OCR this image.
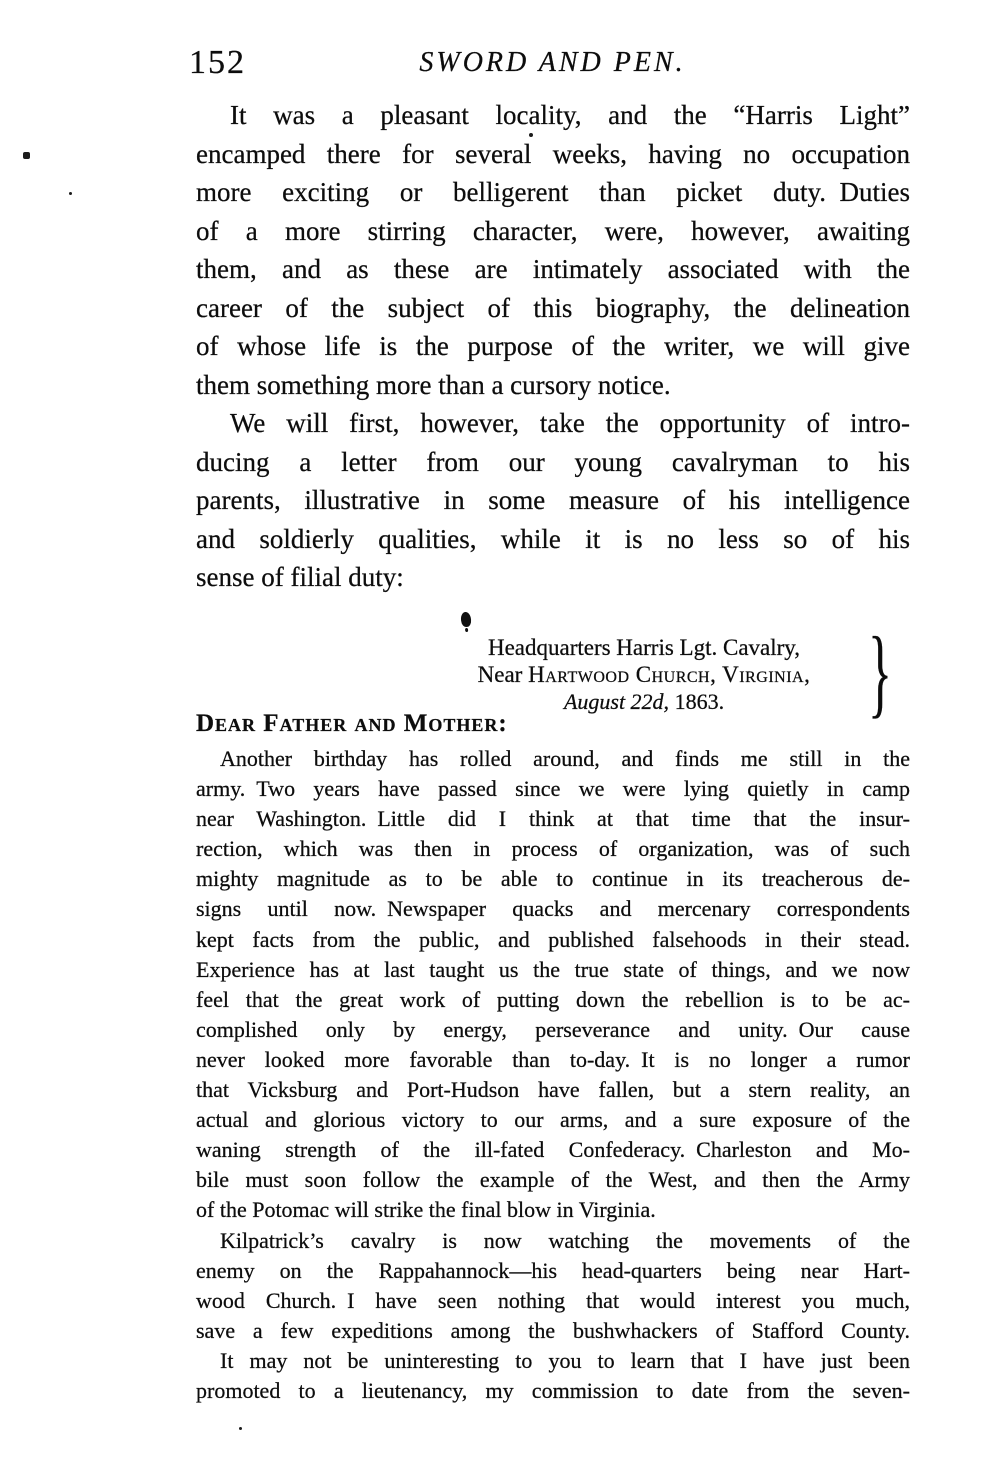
152	SWORD AND PEN.
It was a pleasant locality, and the “Harris Light”
encamped there for several weeks, having no occupation
more exciting or belligerent than picket duty. Duties
of a more stirring character, were, however, awaiting
them, and as these are intimately associated with the
career of the subject of this biography, the delineation
of whose life is the purpose of the writer, we will give
them something more than a cursory notice.
We will first, however, take the opportunity of intro-
ducing a letter from our young cavalryman to his
parents, illustrative in some measure of his intelligence
and soldierly qualities, while it is no less so of his
sense of filial duty:
Headquarters Harris Lgt. Cavalry,
Near Hartwood Church, Virginia,
August 22d, 1863.	}
Dear Father and Mother:
Another birthday has rolled around, and finds me still in the
army. Two years have passed since we were lying quietly in camp
near Washington. Little did I think at that time that the insur-
rection, which was then in process of organization, was of such
mighty magnitude as to be able to continue in its treacherous de-
signs until now. Newspaper quacks and mercenary correspondents
kept facts from the public, and published falsehoods in their stead.
Experience has at last taught us the true state of things, and we now
feel that the great work of putting down the rebellion is to be ac-
complished only by energy, perseverance and unity. Our cause
never looked more favorable than to-day. It is no longer a rumor
that Vicksburg and Port-Hudson have fallen, but a stern reality, an
actual and glorious victory to our arms, and a sure exposure of the
waning strength of the ill-fated Confederacy. Charleston and Mo-
bile must soon follow the example of the West, and then the Army
of the Potomac will strike the final blow in Virginia.
Kilpatrick’s cavalry is now watching the movements of the
enemy on the Rappahannock—his head-quarters being near Hart-
wood Church. I have seen nothing that would interest you much,
save a few expeditions among the bushwhackers of Stafford County.
It may not be uninteresting to you to learn that I have just been
promoted to a lieutenancy, my commission to date from the seven-
